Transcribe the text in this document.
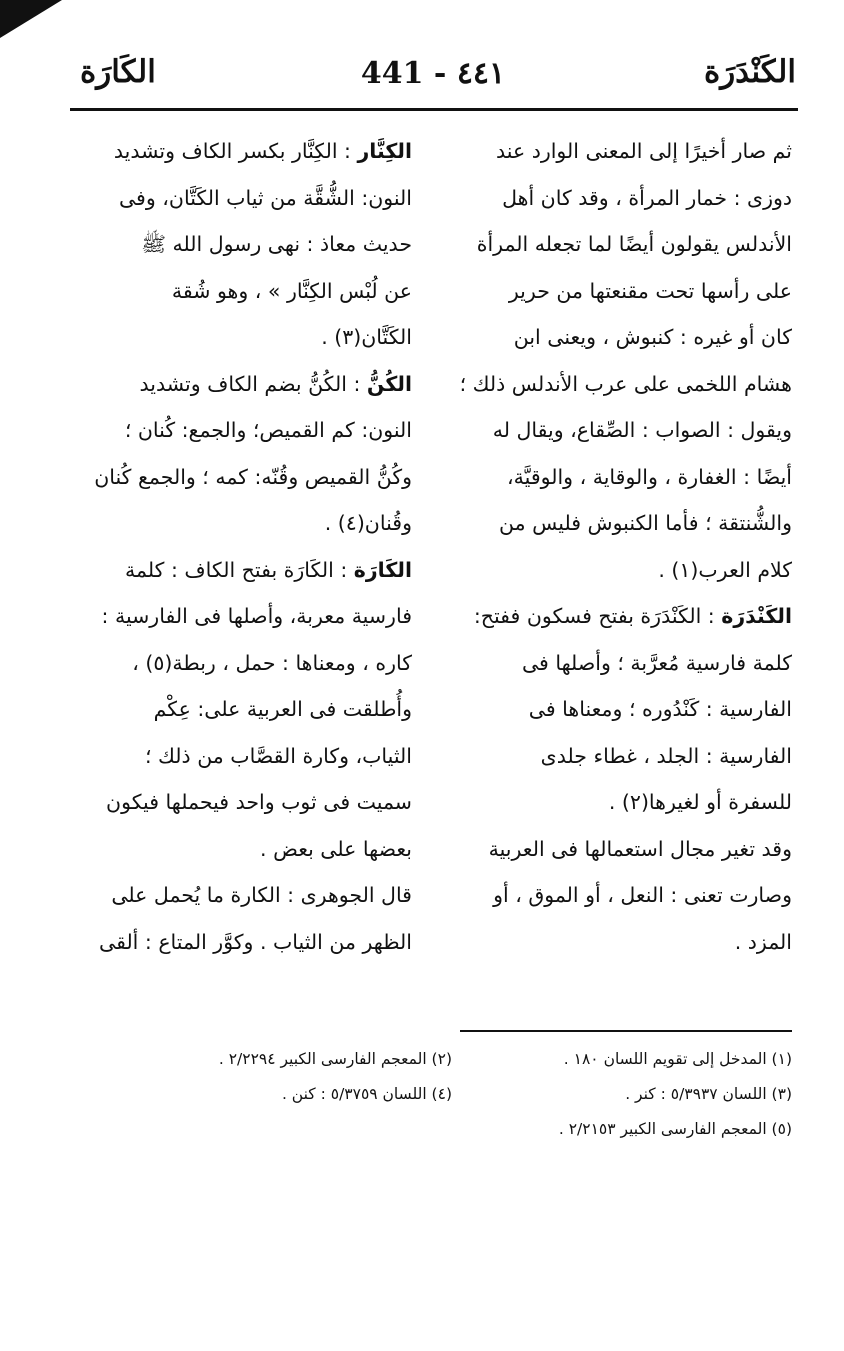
الكَنْدَرَة
441 - ٤٤١
الكَارَة
ثم صار أخيرًا إلى المعنى الوارد عند
دوزى : خمار المرأة ، وقد كان أهل
الأندلس يقولون أيضًا لما تجعله المرأة
على رأسها تحت مقنعتها من حرير
كان أو غيره : كنبوش ، ويعنى ابن
هشام اللخمى على عرب الأندلس ذلك ؛
ويقول : الصواب : الصِّقاع، ويقال له
أيضًا : الغفارة ، والوقاية ، والوقيَّة،
والشُّنتقة ؛ فأما الكنبوش فليس من
كلام العرب(١) .
الكَنْدَرَة : الكَنْدَرَة بفتح فسكون ففتح:
كلمة فارسية مُعرَّبة ؛ وأصلها فى
الفارسية : كَنْدُوره ؛ ومعناها فى
الفارسية : الجلد ، غطاء جلدى
للسفرة أو لغيرها(٢) .
وقد تغير مجال استعمالها فى العربية
وصارت تعنى : النعل ، أو الموق ، أو
المزد .
الكِنَّار : الكِنَّار بكسر الكاف وتشديد
النون: الشُّقَّة من ثياب الكَتَّان، وفى
حديث معاذ : نهى رسول الله ﷺ
عن لُبْس الكِنَّار » ، وهو شُقة
الكَتَّان(٣) .
الكُنُّ : الكُنُّ بضم الكاف وتشديد
النون: كم القميص؛ والجمع: كُنان ؛
وكُنُّ القميص وقُنّه: كمه ؛ والجمع كُنان
وقُنان(٤) .
الكَارَة : الكَارَة بفتح الكاف : كلمة
فارسية معربة، وأصلها فى الفارسية :
كاره ، ومعناها : حمل ، ربطة(٥) ،
وأُطلقت فى العربية على: عِكْم
الثياب، وكارة القصَّاب من ذلك ؛
سميت فى ثوب واحد فيحملها فيكون
بعضها على بعض .
قال الجوهرى : الكارة ما يُحمل على
الظهر من الثياب . وكوَّر المتاع : ألقى
(١) المدخل إلى تقويم اللسان ١٨٠ .
(٢) المعجم الفارسى الكبير ٢/٢٢٩٤ .
(٣) اللسان ٥/٣٩٣٧ : كنر .
(٤) اللسان ٥/٣٧٥٩ : كنن .
(٥) المعجم الفارسى الكبير ٢/٢١٥٣ .
